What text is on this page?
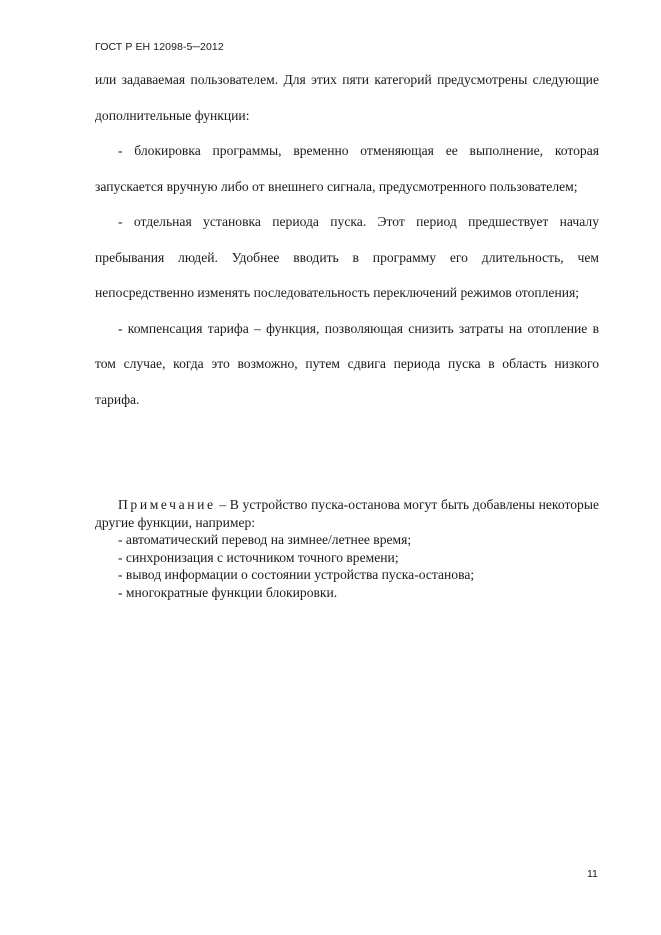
ГОСТ Р ЕН 12098-5─2012

или задаваемая пользователем. Для этих пяти категорий предусмотрены следующие дополнительные функции:

- блокировка программы, временно отменяющая ее выполнение, которая запускается вручную либо от внешнего сигнала, предусмотренного пользователем;

- отдельная установка периода пуска. Этот период предшествует началу пребывания людей. Удобнее вводить в программу его длительность, чем непосредственно изменять последовательность переключений режимов отопления;

- компенсация тарифа – функция, позволяющая снизить затраты на отопление в том случае, когда это возможно, путем сдвига периода пуска в область низкого тарифа.

Примечание – В устройство пуска-останова могут быть добавлены некоторые другие функции, например:

- автоматический перевод на зимнее/летнее время;

- синхронизация с источником точного времени;

- вывод информации о состоянии устройства пуска-останова;

- многократные функции блокировки.

11
